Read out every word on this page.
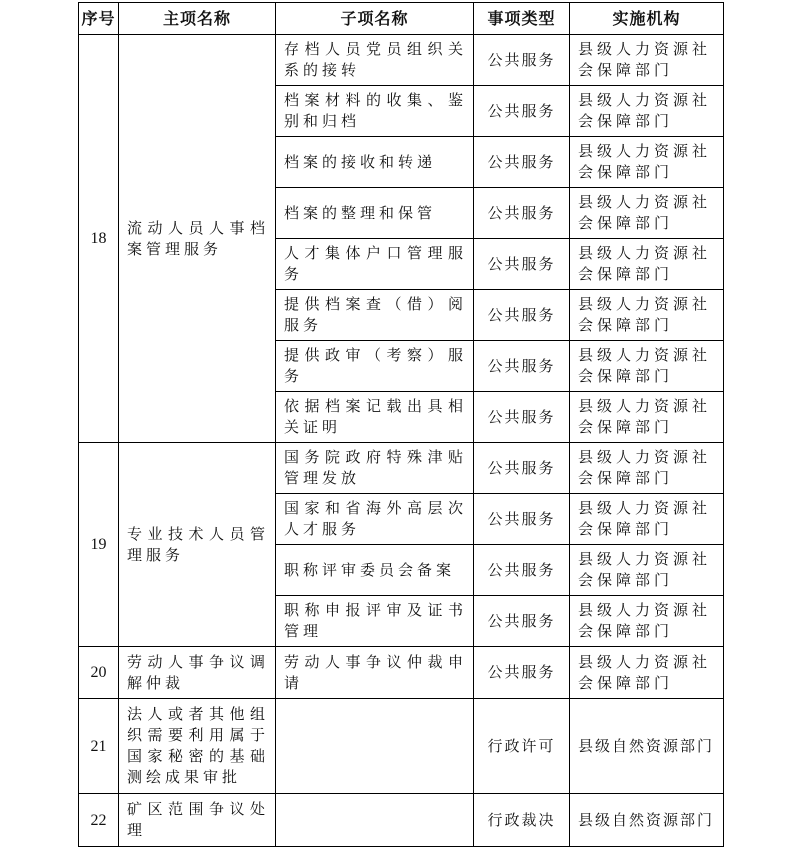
序号	主项名称	子项名称	事项类型	实施机构
18	流动人员人事档案管理服务	存档人员党员组织关系的接转	公共服务	县级人力资源社会保障部门
		档案材料的收集、鉴别和归档	公共服务	县级人力资源社会保障部门
		档案的接收和转递	公共服务	县级人力资源社会保障部门
		档案的整理和保管	公共服务	县级人力资源社会保障部门
		人才集体户口管理服务	公共服务	县级人力资源社会保障部门
		提供档案查（借）阅服务	公共服务	县级人力资源社会保障部门
		提供政审（考察）服务	公共服务	县级人力资源社会保障部门
		依据档案记载出具相关证明	公共服务	县级人力资源社会保障部门
19	专业技术人员管理服务	国务院政府特殊津贴管理发放	公共服务	县级人力资源社会保障部门
		国家和省海外高层次人才服务	公共服务	县级人力资源社会保障部门
		职称评审委员会备案	公共服务	县级人力资源社会保障部门
		职称申报评审及证书管理	公共服务	县级人力资源社会保障部门
20	劳动人事争议调解仲裁	劳动人事争议仲裁申请	公共服务	县级人力资源社会保障部门
21	法人或者其他组织需要利用属于国家秘密的基础测绘成果审批		行政许可	县级自然资源部门
22	矿区范围争议处理		行政裁决	县级自然资源部门
